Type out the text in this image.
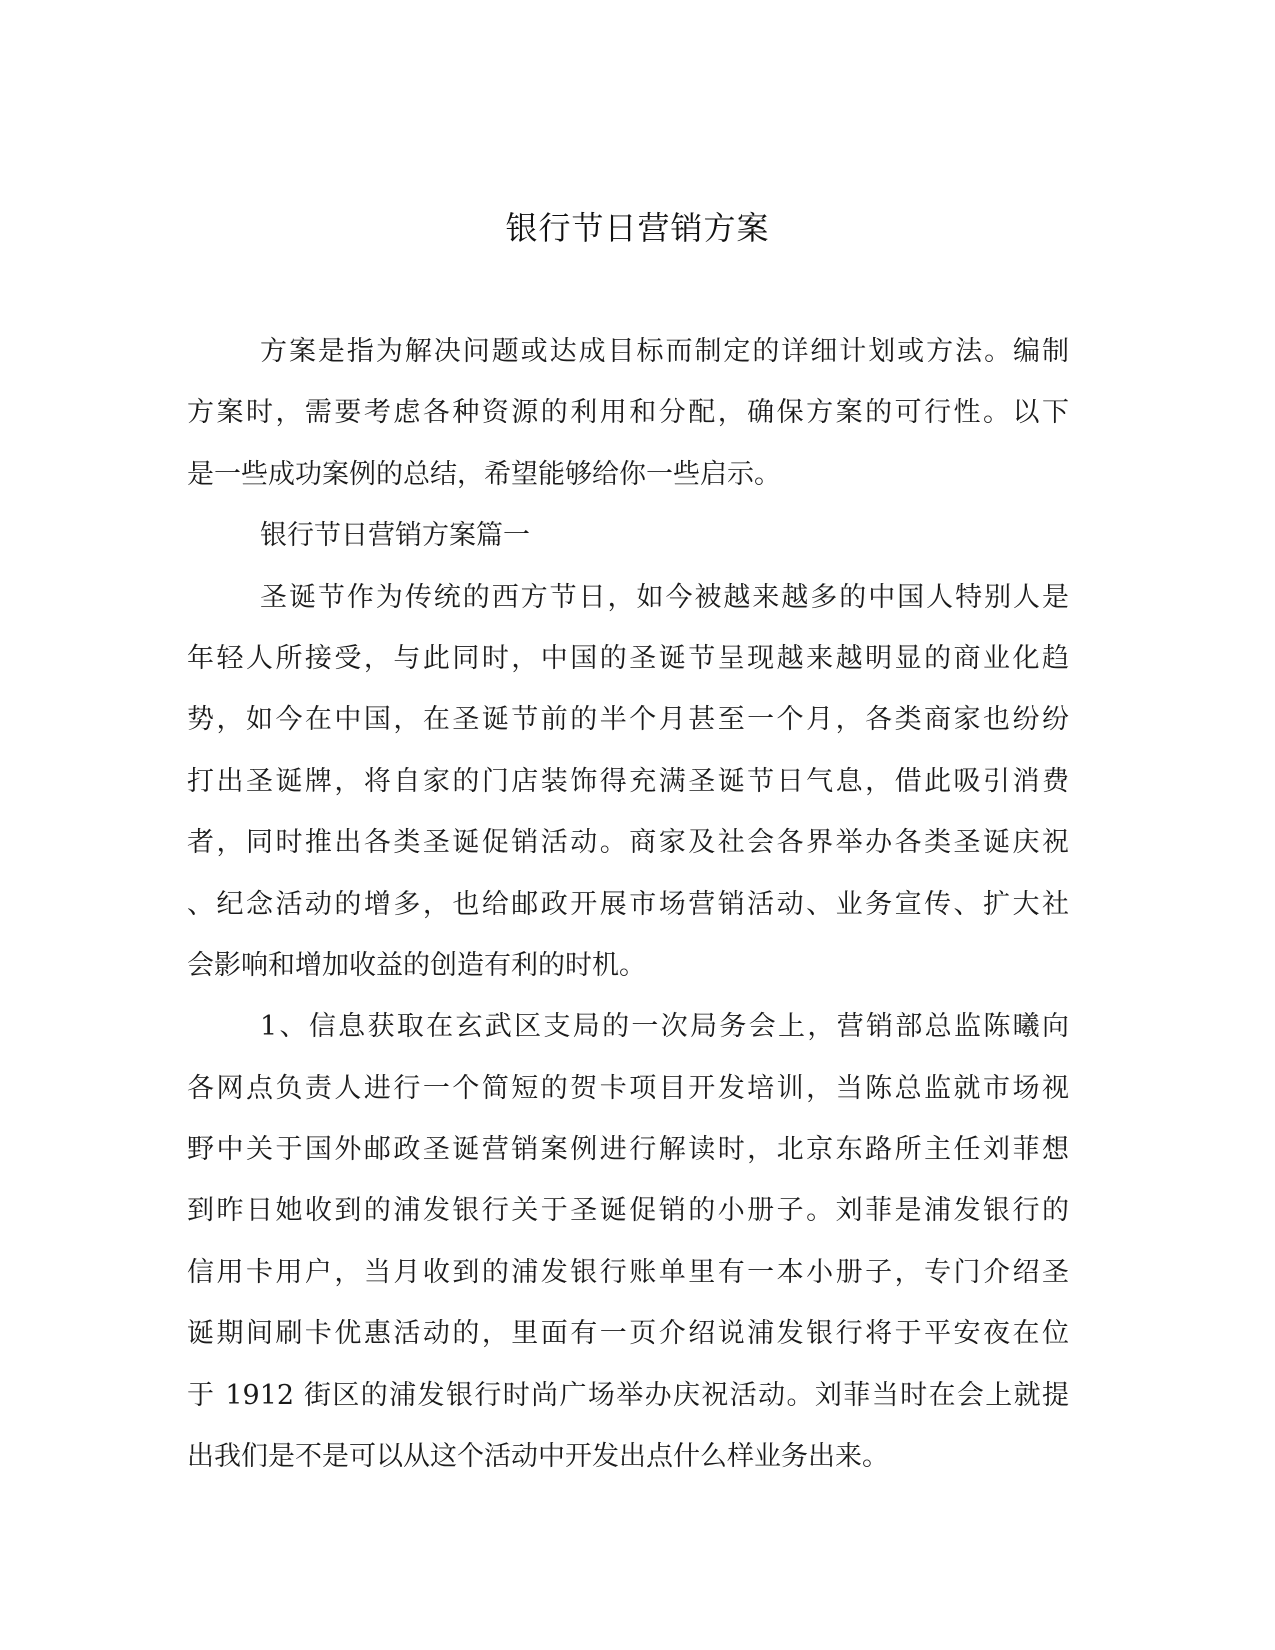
银行节日营销方案
方案是指为解决问题或达成目标而制定的详细计划或方法。编制
方案时，需要考虑各种资源的利用和分配，确保方案的可行性。以下
是一些成功案例的总结，希望能够给你一些启示。
银行节日营销方案篇一
圣诞节作为传统的西方节日，如今被越来越多的中国人特别人是
年轻人所接受，与此同时，中国的圣诞节呈现越来越明显的商业化趋
势，如今在中国，在圣诞节前的半个月甚至一个月，各类商家也纷纷
打出圣诞牌，将自家的门店装饰得充满圣诞节日气息，借此吸引消费
者，同时推出各类圣诞促销活动。商家及社会各界举办各类圣诞庆祝
、纪念活动的增多，也给邮政开展市场营销活动、业务宣传、扩大社
会影响和增加收益的创造有利的时机。
1、信息获取在玄武区支局的一次局务会上，营销部总监陈曦向
各网点负责人进行一个简短的贺卡项目开发培训，当陈总监就市场视
野中关于国外邮政圣诞营销案例进行解读时，北京东路所主任刘菲想
到昨日她收到的浦发银行关于圣诞促销的小册子。刘菲是浦发银行的
信用卡用户，当月收到的浦发银行账单里有一本小册子，专门介绍圣
诞期间刷卡优惠活动的，里面有一页介绍说浦发银行将于平安夜在位
于 1912 街区的浦发银行时尚广场举办庆祝活动。刘菲当时在会上就提
出我们是不是可以从这个活动中开发出点什么样业务出来。
